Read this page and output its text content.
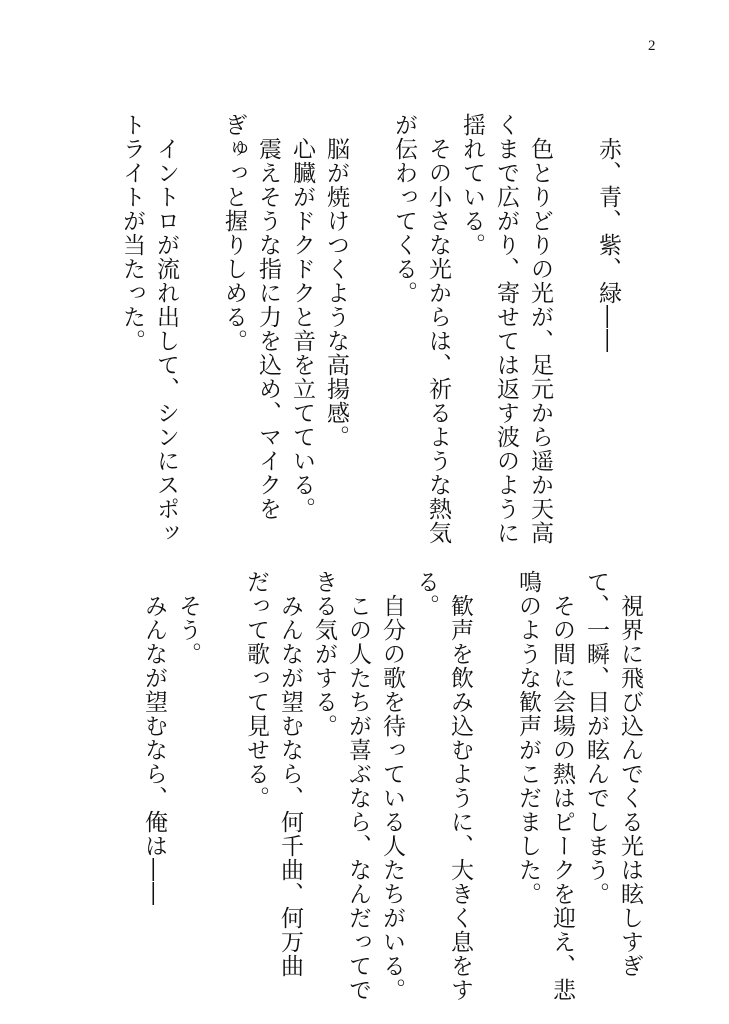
2
　赤、青、紫、緑――
　色とりどりの光が、足元から遥か天高
くまで広がり、寄せては返す波のように
揺れている。
　その小さな光からは、祈るような熱気
が伝わってくる。
　脳が焼けつくような高揚感。
　心臓がドクドクと音を立てている。
　震えそうな指に力を込め、マイクを
ぎゅっと握りしめる。
　イントロが流れ出して、シンにスポッ
トライトが当たった。
　視界に飛び込んでくる光は眩しすぎ
て、一瞬、目が眩んでしまう。
　その間に会場の熱はピークを迎え、悲
鳴のような歓声がこだました。
　歓声を飲み込むように、大きく息をす
る。
　自分の歌を待っている人たちがいる。
　この人たちが喜ぶなら、なんだってで
きる気がする。
　みんなが望むなら、何千曲、何万曲
だって歌って見せる。
　そう。
　みんなが望むなら、俺は――
